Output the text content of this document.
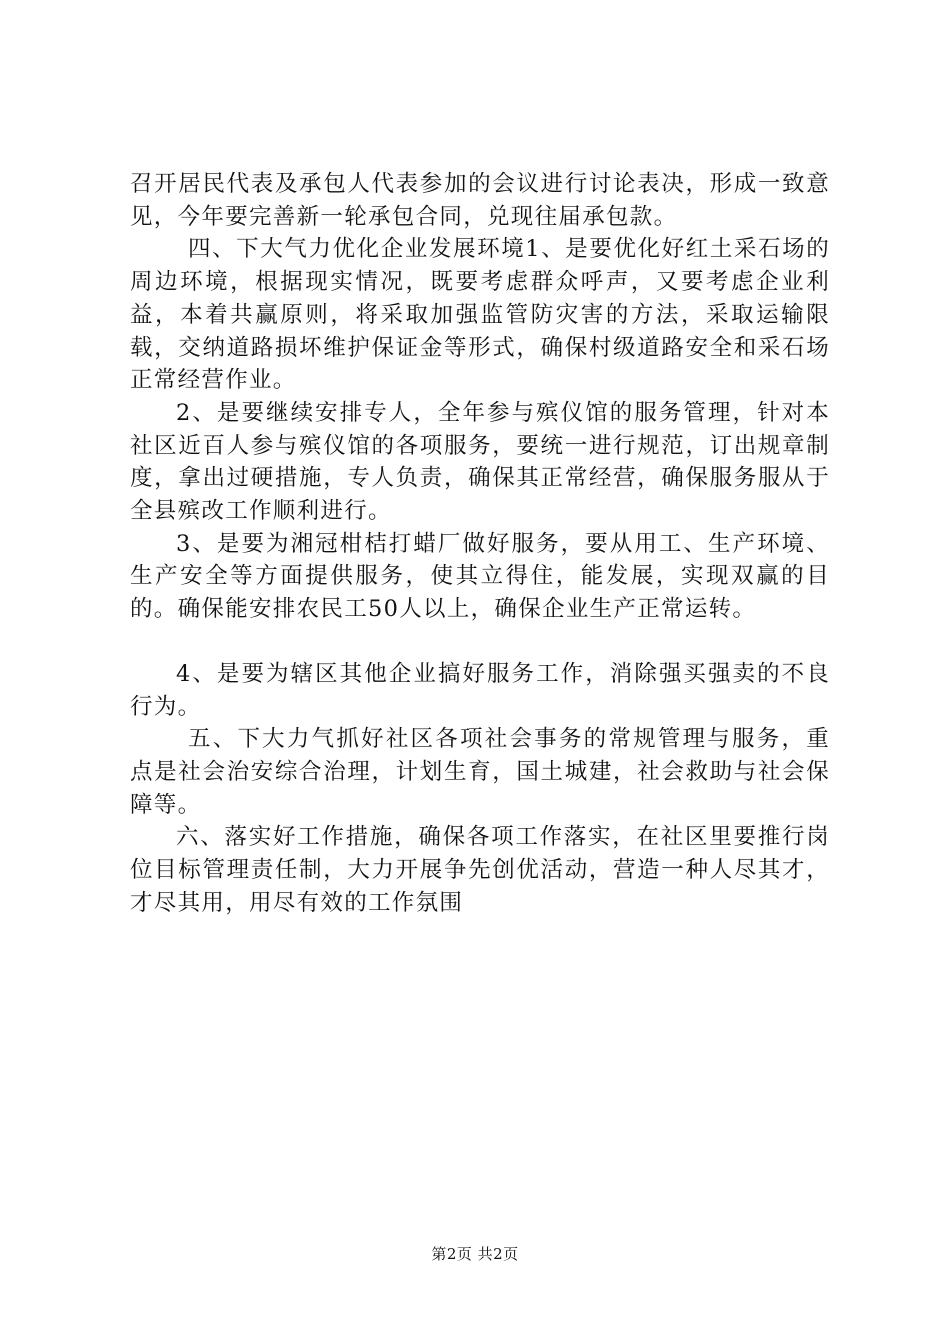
召开居民代表及承包人代表参加的会议进行讨论表决，形成一致意见，今年要完善新一轮承包合同，兑现往届承包款。

四、下大气力优化企业发展环境1、是要优化好红土采石场的周边环境，根据现实情况，既要考虑群众呼声，又要考虑企业利益，本着共赢原则，将采取加强监管防灾害的方法，采取运输限载，交纳道路损坏维护保证金等形式，确保村级道路安全和采石场正常经营作业。

2、是要继续安排专人，全年参与殡仪馆的服务管理，针对本社区近百人参与殡仪馆的各项服务，要统一进行规范，订出规章制度，拿出过硬措施，专人负责，确保其正常经营，确保服务服从于全县殡改工作顺利进行。

3、是要为湘冠柑桔打蜡厂做好服务，要从用工、生产环境、生产安全等方面提供服务，使其立得住，能发展，实现双赢的目的。确保能安排农民工50人以上，确保企业生产正常运转。

4、是要为辖区其他企业搞好服务工作，消除强买强卖的不良行为。

五、下大力气抓好社区各项社会事务的常规管理与服务，重点是社会治安综合治理，计划生育，国土城建，社会救助与社会保障等。

六、落实好工作措施，确保各项工作落实，在社区里要推行岗位目标管理责任制，大力开展争先创优活动，营造一种人尽其才，才尽其用，用尽有效的工作氛围

第2页 共2页
